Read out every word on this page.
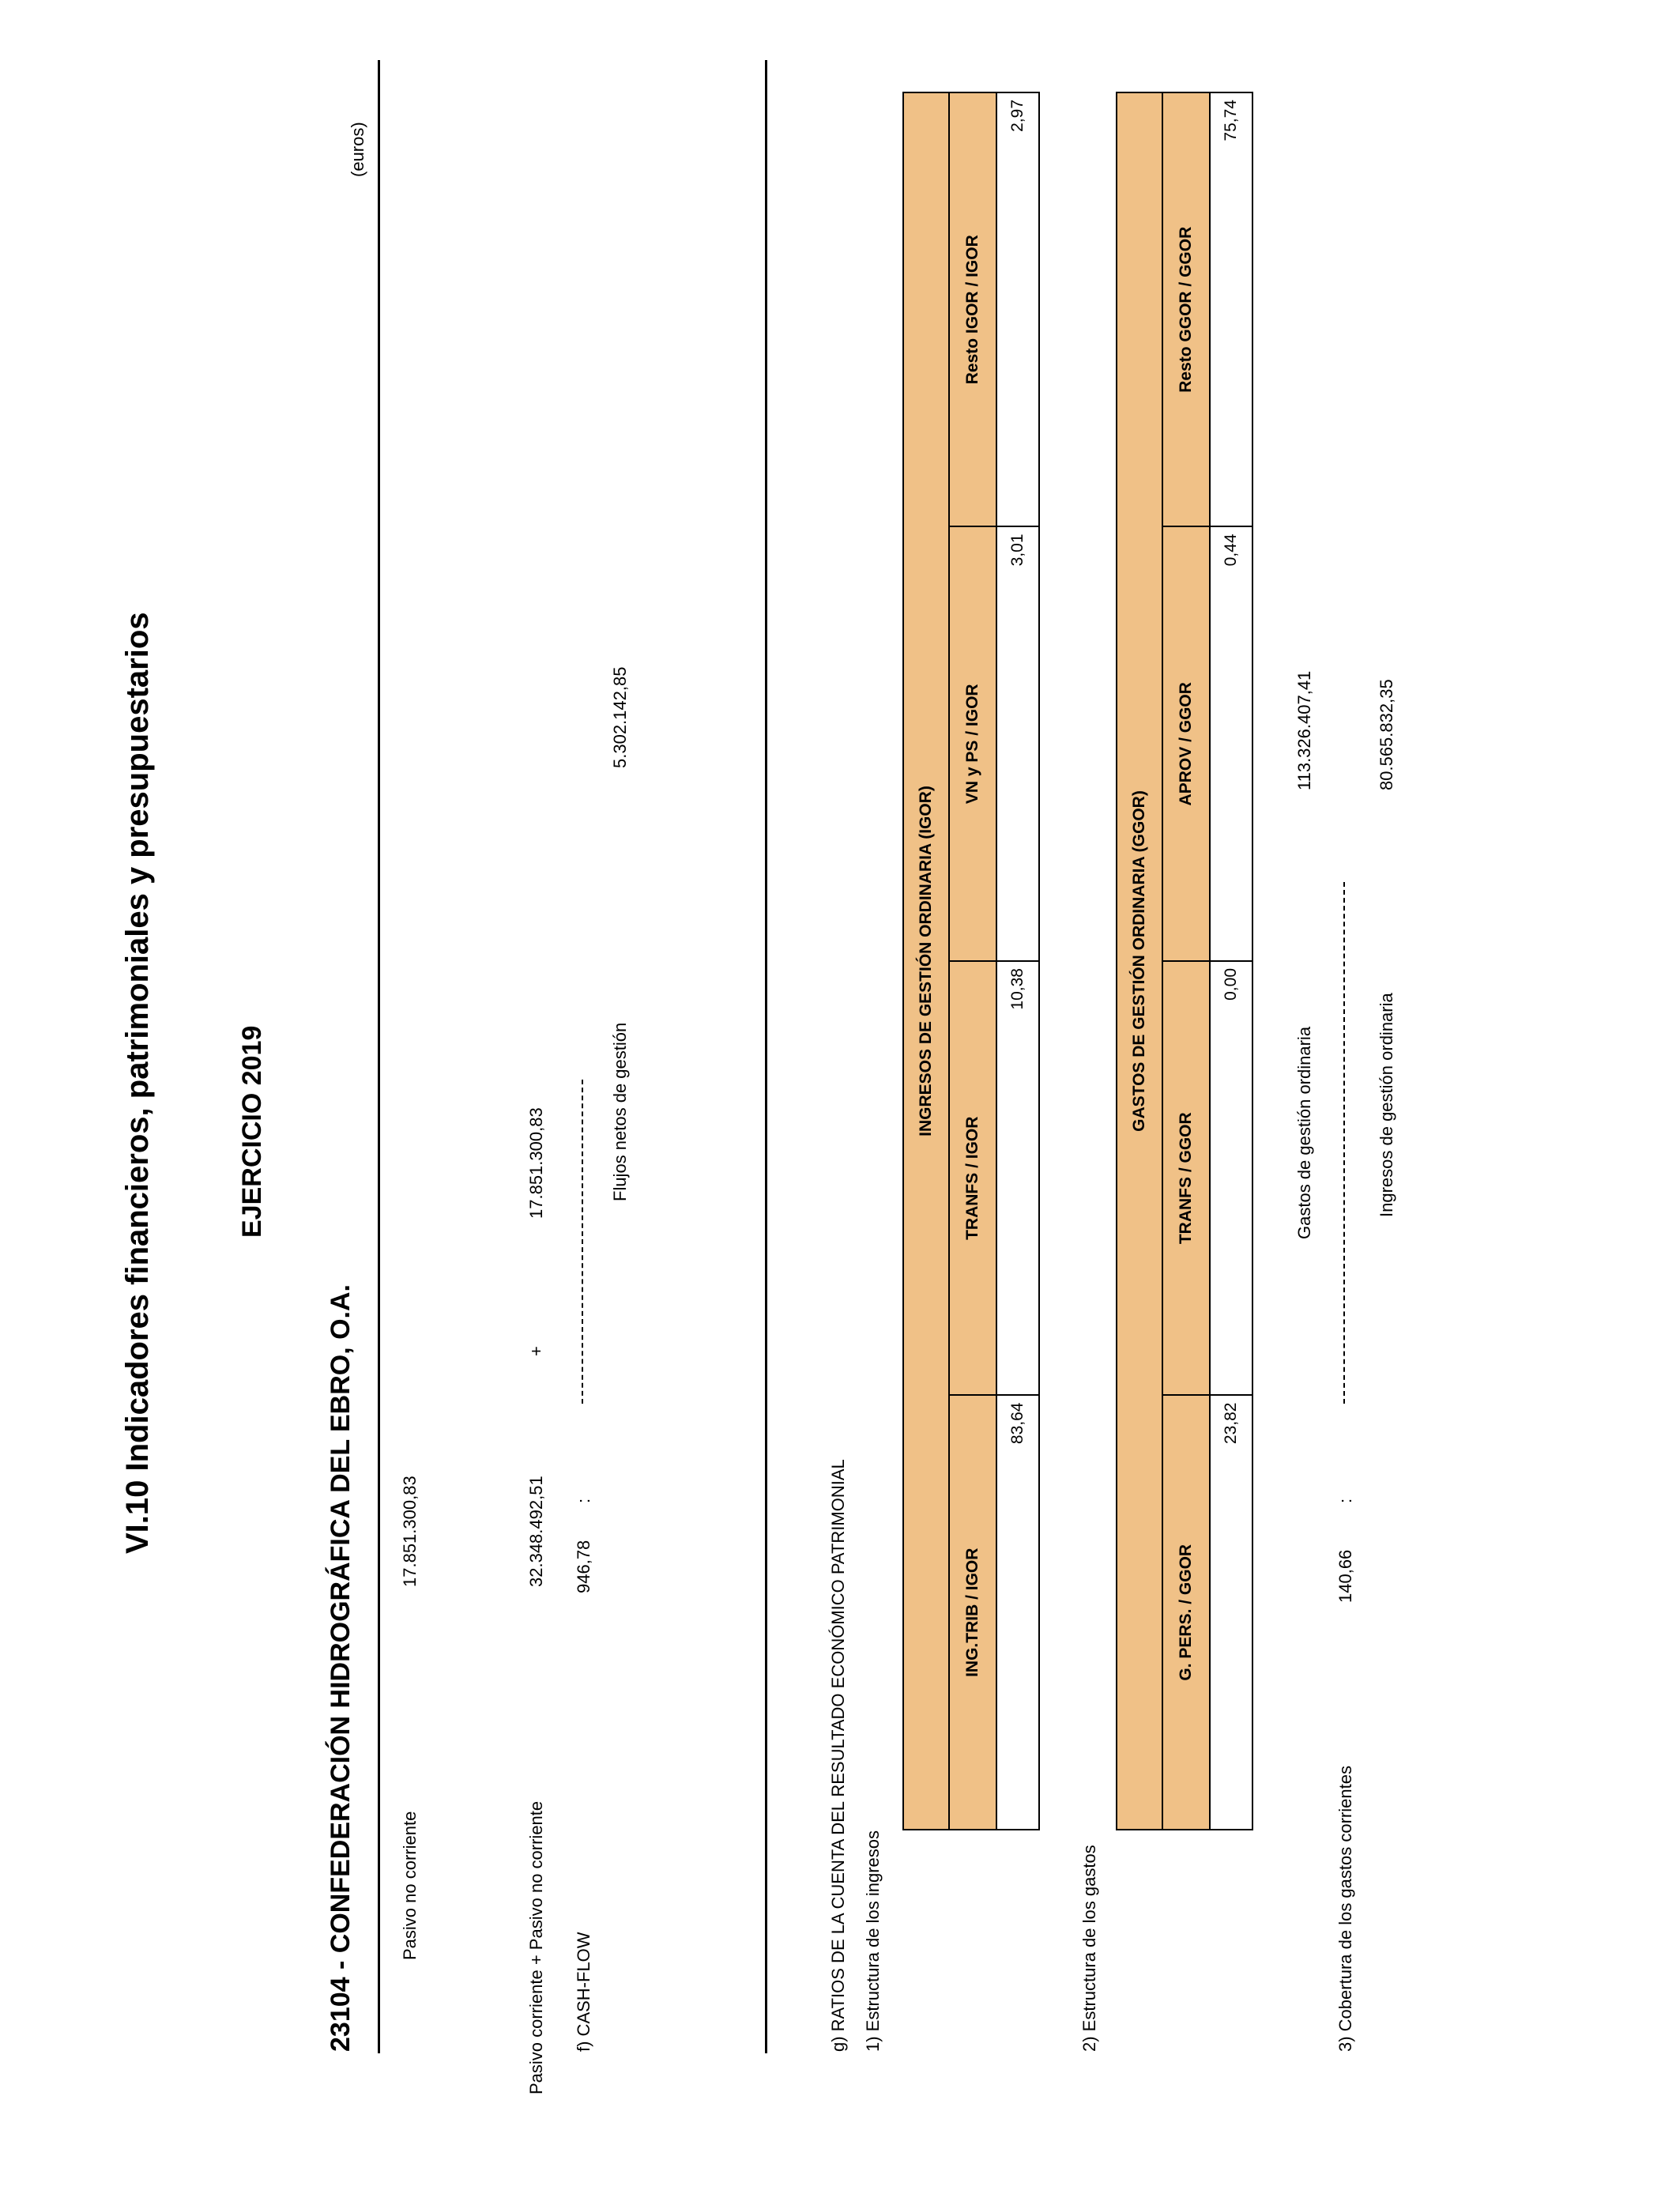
VI.10 Indicadores financieros, patrimoniales y presupuestarios	EJERCICIO 2019
23104 - CONFEDERACIÓN HIDROGRÁFICA DEL EBRO, O.A.
(euros)
Pasivo no corriente
17.851.300,83
17.851.300,83
+
32.348.492,51
Pasivo corriente + Pasivo no corriente f) CASH-FLOW
946,78
:
Flujos netos de gestión
5.302.142,85
g) RATIOS DE LA CUENTA DEL RESULTADO ECONÓMICO PATRIMONIAL 1) Estructura de los ingresos
INGRESOS DE GESTIÓN ORDINARIA (IGOR)			
ING.TRIB / IGOR	TRANFS / IGOR	VN y PS / IGOR	Resto IGOR / IGOR
83,64	10,38	3,01	2,97
2) Estructura de los gastos
GASTOS DE GESTIÓN ORDINARIA (GGOR)			
G. PERS. / GGOR	TRANFS / GGOR	APROV / GGOR	Resto GGOR / GGOR
23,82	0,00	0,44	75,74
Gastos de gestión ordinaria
113.326.407,41
3) Cobertura de los gastos corrientes
140,66
:
Ingresos de gestión ordinaria
80.565.832,35
